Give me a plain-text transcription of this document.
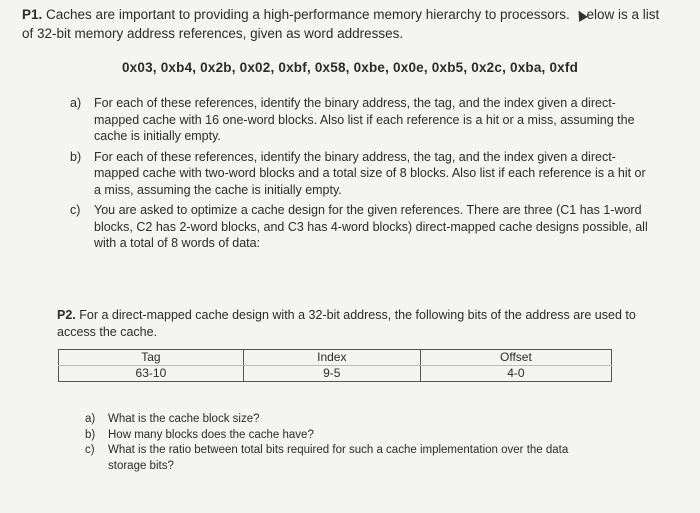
P1. Caches are important to providing a high-performance memory hierarchy to processors. elow is a list of 32-bit memory address references, given as word addresses.
0x03, 0xb4, 0x2b, 0x02, 0xbf, 0x58, 0xbe, 0x0e, 0xb5, 0x2c, 0xba, 0xfd
a) For each of these references, identify the binary address, the tag, and the index given a direct-mapped cache with 16 one-word blocks. Also list if each reference is a hit or a miss, assuming the cache is initially empty.
b) For each of these references, identify the binary address, the tag, and the index given a direct-mapped cache with two-word blocks and a total size of 8 blocks. Also list if each reference is a hit or a miss, assuming the cache is initially empty.
c) You are asked to optimize a cache design for the given references. There are three (C1 has 1-word blocks, C2 has 2-word blocks, and C3 has 4-word blocks) direct-mapped cache designs possible, all with a total of 8 words of data:
P2. For a direct-mapped cache design with a 32-bit address, the following bits of the address are used to access the cache.
Tag	Index	Offset
63-10	9-5	4-0
a) What is the cache block size?
b) How many blocks does the cache have?
c) What is the ratio between total bits required for such a cache implementation over the data storage bits?
